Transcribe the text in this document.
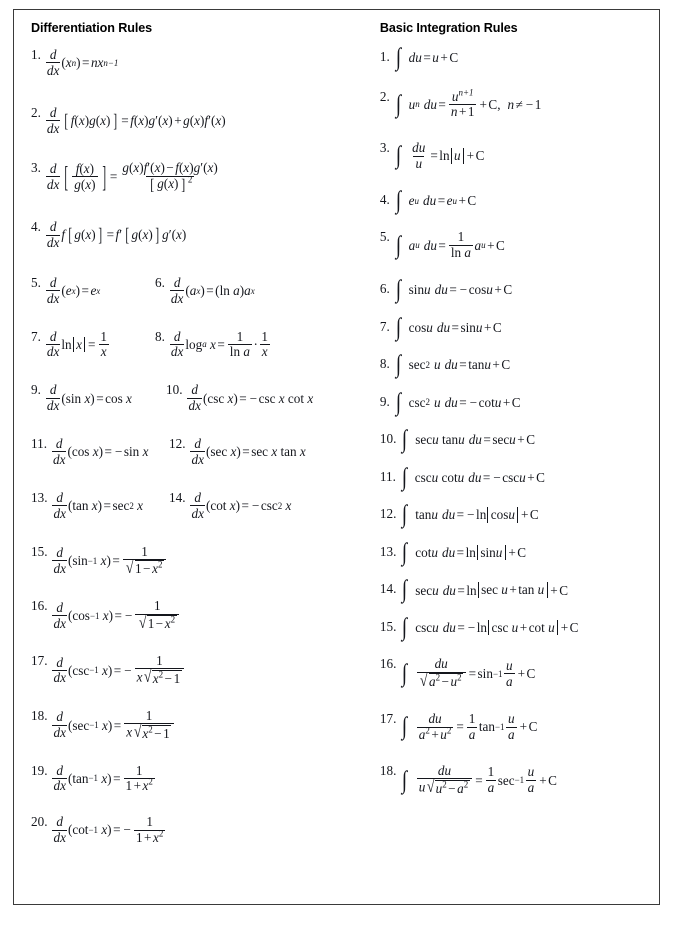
Differentiation Rules
1. d
dx
( x n ) = n x n−1
2. d
dx [ f ( x ) g ( x ) ] = f ( x ) g ′( x ) + g ( x ) f ′( x )
3. d
dx [ $\frac{f(x)}{g(x)}$ ] = $\frac{g(x)f'(x) - f(x)g'(x)}{[ g(x) ] ^2}$
4. d
dx
f [ g ( x ) ] = f ′ [ g ( x ) ] g ′( x )
5. d
dx
( e x ) = e x
6. d
dx
( a x ) = ( ln
a ) a x
7. d
dx
$\ln x = \frac{1}{x}$	8. d
dx
log a
$x = \frac{1}{\text{ln a}} \cdot \frac{1}{x}$
9. d
dx
( sin
x ) = cos
x
10. d
dx
( csc
x ) = − csc
x
cot
x
11. d
dx
( cos
x ) = − sin
x
12. d
dx
( sec
x ) = sec
x
tan
x
13. d
dx
( tan
x ) = sec 2
x
14. d
dx
( cot
x ) = − csc 2
x
15. d
dx
( sin −1
x ) = $\frac{1}{√ 1 - x^2}$
16. d
dx
( cos −1
x ) = − $\frac{1}{√ 1 - x^2}$
17. d
dx
( csc −1
x ) = − $\frac{1}{x √ x^2 - 1}$
18. d
dx
( sec −1
x ) = $\frac{1}{x √ x^2 - 1}$
19. d
dx
( tan −1
x ) = $\frac{1}{1 + x^2}$
20. d
dx
( cot −1
x ) = − $\frac{1}{1 + x^2}$
Basic Integration Rules
1. ∫ du = u + C
2. ∫ u n du = $\frac{u^{n+1}}{n + 1} + C$ , n ≠ − 1
3. ∫ $\frac{du}{u} = \ln u + C$
4. ∫ e u du = e u + C
5. ∫ a u du = $\frac{1}{\text{ln a}}$ a u + C
6. ∫ sin u du = − cos u + C
7. ∫ cos u du = sin u + C
8. ∫ sec 2 u du = tan u + C
9. ∫ csc 2 u du = − cot u + C
10. ∫ sec u
tan u du = sec u + C
11. ∫ csc u
cot u du = − csc u + C
12. ∫ tan u du = − ln cosu + C
13. ∫ cot u du = ln sinu + C
14. ∫ sec u du = ln sec u + tan u + C
15. ∫ csc u du = − ln csc u + cot u + C
16. ∫ $\frac{du}{√ a^2 - u^2} = \sin -1 \frac{u}{a} + C$
17. ∫ $\frac{du}{a^2 + u^2} = \frac{1}{a}$ $\tan -1 \frac{u}{a} + C$
18. ∫ $\frac{du}{u √ u^2 - a^2} = \frac{1}{a}$ $\sec -1 \frac{u}{a} + C$
